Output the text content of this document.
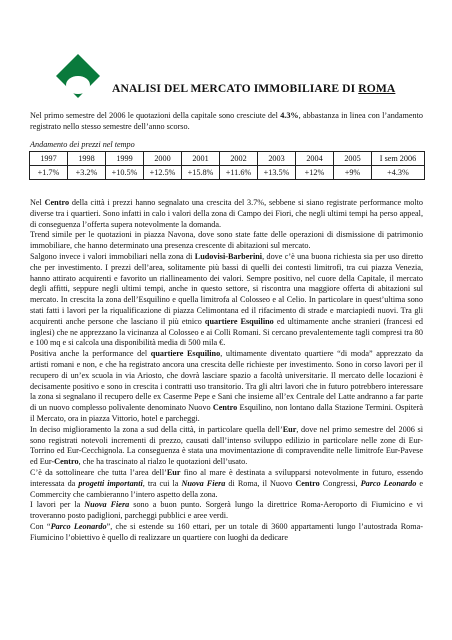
ANALISI DEL MERCATO IMMOBILIARE DI ROMA
Nel primo semestre del 2006 le quotazioni della capitale sono cresciute del 4.3%, abbastanza in linea con l’andamento registrato nello stesso semestre dell’anno scorso.
Andamento dei prezzi nel tempo
1997	1998	1999	2000	2001	2002	2003	2004	2005	I sem 2006
+1.7%	+3.2%	+10.5%	+12.5%	+15.8%	+11.6%	+13.5%	+12%	+9%	+4.3%

Nel Centro della città i prezzi hanno segnalato una crescita del 3.7%, sebbene si siano registrate performance molto diverse tra i quartieri. Sono infatti in calo i valori della zona di Campo dei Fiori, che negli ultimi tempi ha perso appeal, di conseguenza l’offerta supera notevolmente la domanda.

Trend simile per le quotazioni in piazza Navona, dove sono state fatte delle operazioni di dismissione di patrimonio immobiliare, che hanno determinato una presenza crescente di abitazioni sul mercato.

Salgono invece i valori immobiliari nella zona di Ludovisi-Barberini, dove c’è una buona richiesta sia per uso diretto che per investimento. I prezzi dell’area, solitamente più bassi di quelli dei contesti limitrofi, tra cui piazza Venezia, hanno attirato acquirenti e favorito un riallineamento dei valori. Sempre positivo, nel cuore della Capitale, il mercato degli affitti, seppure negli ultimi tempi, anche in questo settore, si riscontra una maggiore offerta di abitazioni sul mercato. In crescita la zona dell’Esquilino e quella limitrofa al Colosseo e al Celio. In particolare in quest’ultima sono stati fatti i lavori per la riqualificazione di piazza Celimontana ed il rifacimento di strade e marciapiedi nuovi. Tra gli acquirenti anche persone che lasciano il più etnico quartiere Esquilino ed ultimamente anche stranieri (francesi ed inglesi) che ne apprezzano la vicinanza al Colosseo e ai Colli Romani. Si cercano prevalentemente tagli compresi tra 80 e 100 mq e si calcola una disponibilità media di 500 mila €.

Positiva anche la performance del quartiere Esquilino, ultimamente diventato quartiere “di moda” apprezzato da artisti romani e non, e che ha registrato ancora una crescita delle richieste per investimento. Sono in corso lavori per il recupero di un’ex scuola in via Ariosto, che dovrà lasciare spazio a facoltà universitarie. Il mercato delle locazioni è decisamente positivo e sono in crescita i contratti uso transitorio. Tra gli altri lavori che in futuro potrebbero interessare la zona si segnalano il recupero delle ex Caserme Pepe e Sani che insieme all’ex Centrale del Latte andranno a far parte di un nuovo complesso polivalente denominato Nuovo Centro Esquilino, non lontano dalla Stazione Termini. Ospiterà il Mercato, ora in piazza Vittorio, hotel e parcheggi.

In deciso miglioramento la zona a sud della città, in particolare quella dell’Eur, dove nel primo semestre del 2006 si sono registrati notevoli incrementi di prezzo, causati dall’intenso sviluppo edilizio in particolare nelle zone di Eur-Torrino ed Eur-Cecchignola. La conseguenza è stata una movimentazione di compravendite nelle limitrofe Eur-Pavese ed Eur-Centro, che ha trascinato al rialzo le quotazioni dell’usato.

C’è da sottolineare che tutta l’area dell’Eur fino al mare è destinata a svilupparsi notevolmente in futuro, essendo interessata da progetti importanti, tra cui la Nuova Fiera di Roma, il Nuovo Centro Congressi, Parco Leonardo e Commercity che cambieranno l’intero aspetto della zona.

I lavori per la Nuova Fiera sono a buon punto. Sorgerà lungo la direttrice Roma-Aeroporto di Fiumicino e vi troveranno posto padiglioni, parcheggi pubblici e aree verdi.

Con “Parco Leonardo”, che si estende su 160 ettari, per un totale di 3600 appartamenti lungo l’autostrada Roma-Fiumicino l’obiettivo è quello di realizzare un quartiere con luoghi da dedicare
